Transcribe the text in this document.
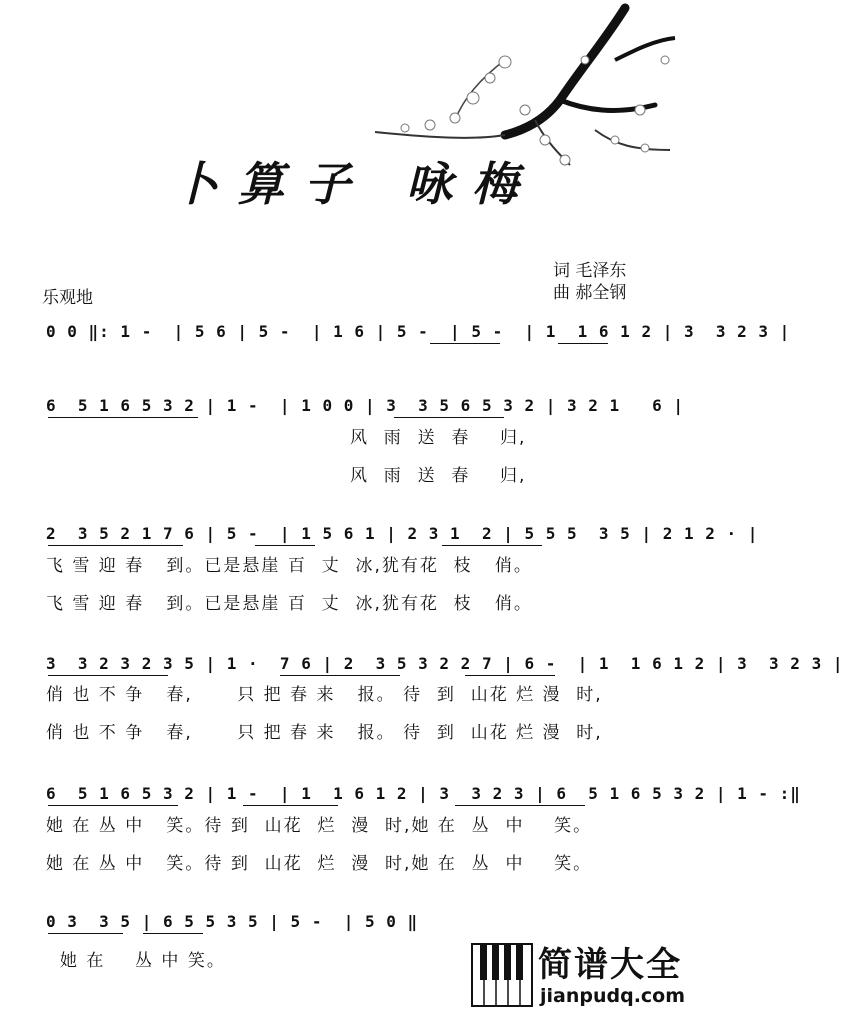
卜算子 咏梅
词 毛泽东
曲 郝全钢
乐观地

0 0 ‖: 1 -  | 5 6 | 5 -  | 1 6 | 5 -  | 5 -  | 1  1 6 1 2 | 3  3 2 3 |

6  5 1 6 5 3 2 | 1 -  | 1 0 0 | 3  3 5 6 5 3 2 | 3 2 1   6 |

风  雨  送  春    归,
风  雨  送  春    归,

2  3 5 2 1 7 6 | 5 -  | 1 5 6 1 | 2 3 1  2 | 5 5 5  3 5 | 2 1 2 · |

飞 雪 迎 春   到。已是悬崖 百  丈  冰,犹有花  枝   俏。
飞 雪 迎 春   到。已是悬崖 百  丈  冰,犹有花  枝   俏。

3  3 2 3 2 3 5 | 1 ·  7 6 | 2  3 5 3 2 2 7 | 6 -  | 1  1 6 1 2 | 3  3 2 3 |

俏 也 不 争   春,      只 把 春 来   报。 待  到  山花 烂 漫  时,
俏 也 不 争   春,      只 把 春 来   报。 待  到  山花 烂 漫  时,

6  5 1 6 5 3 2 | 1 -  | 1  1 6 1 2 | 3  3 2 3 | 6  5 1 6 5 3 2 | 1 - :‖

她 在 丛 中   笑。待 到  山花  烂  漫  时,她 在  丛  中    笑。
她 在 丛 中   笑。待 到  山花  烂  漫  时,她 在  丛  中    笑。

0 3  3 5 | 6 5 5 3 5 | 5 -  | 5 0 ‖

她 在    丛 中 笑。	简谱大全
jianpudq.com
